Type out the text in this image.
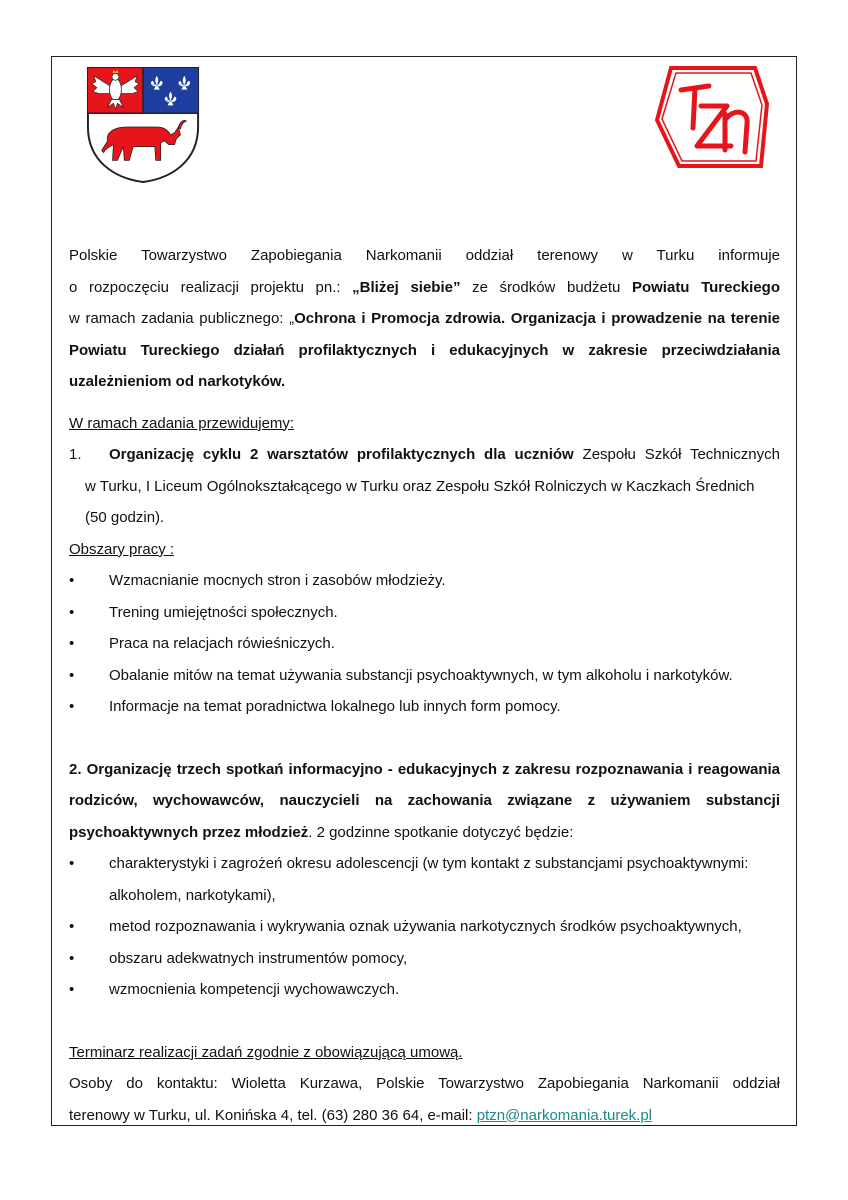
Polskie Towarzystwo Zapobiegania Narkomanii oddział terenowy w Turku informuje
o rozpoczęciu realizacji projektu pn.: „Bliżej siebie” ze środków budżetu Powiatu Tureckiego
w ramach zadania publicznego: „Ochrona i Promocja zdrowia. Organizacja i prowadzenie na terenie
Powiatu Tureckiego działań profilaktycznych i edukacyjnych w zakresie przeciwdziałania
uzależnieniom od narkotyków.
W ramach zadania przewidujemy:
1.	Organizację cyklu 2 warsztatów profilaktycznych dla uczniów Zespołu Szkół Technicznych
w Turku, I Liceum Ogólnokształcącego w Turku oraz Zespołu Szkół Rolniczych w Kaczkach Średnich
(50 godzin).
Obszary pracy :
•	Wzmacnianie mocnych stron i zasobów młodzieży.
•	Trening umiejętności społecznych.
•	Praca na relacjach rówieśniczych.
•	Obalanie mitów na temat używania substancji psychoaktywnych, w tym alkoholu i narkotyków.
•	Informacje na temat poradnictwa lokalnego lub innych form pomocy.
2. Organizację trzech spotkań informacyjno - edukacyjnych z zakresu rozpoznawania i reagowania
rodziców, wychowawców, nauczycieli na zachowania związane z używaniem substancji
psychoaktywnych przez młodzież. 2 godzinne spotkanie dotyczyć będzie:
•	charakterystyki i zagrożeń okresu adolescencji (w tym kontakt z substancjami psychoaktywnymi:
alkoholem, narkotykami),
•	metod rozpoznawania i wykrywania oznak używania narkotycznych środków psychoaktywnych,
•	obszaru adekwatnych instrumentów pomocy,
•	wzmocnienia kompetencji wychowawczych.
Terminarz realizacji zadań zgodnie z obowiązującą umową.
Osoby do kontaktu: Wioletta Kurzawa, Polskie Towarzystwo Zapobiegania Narkomanii oddział
terenowy w Turku, ul. Konińska 4, tel. (63) 280 36 64, e-mail: ptzn@narkomania.turek.pl
